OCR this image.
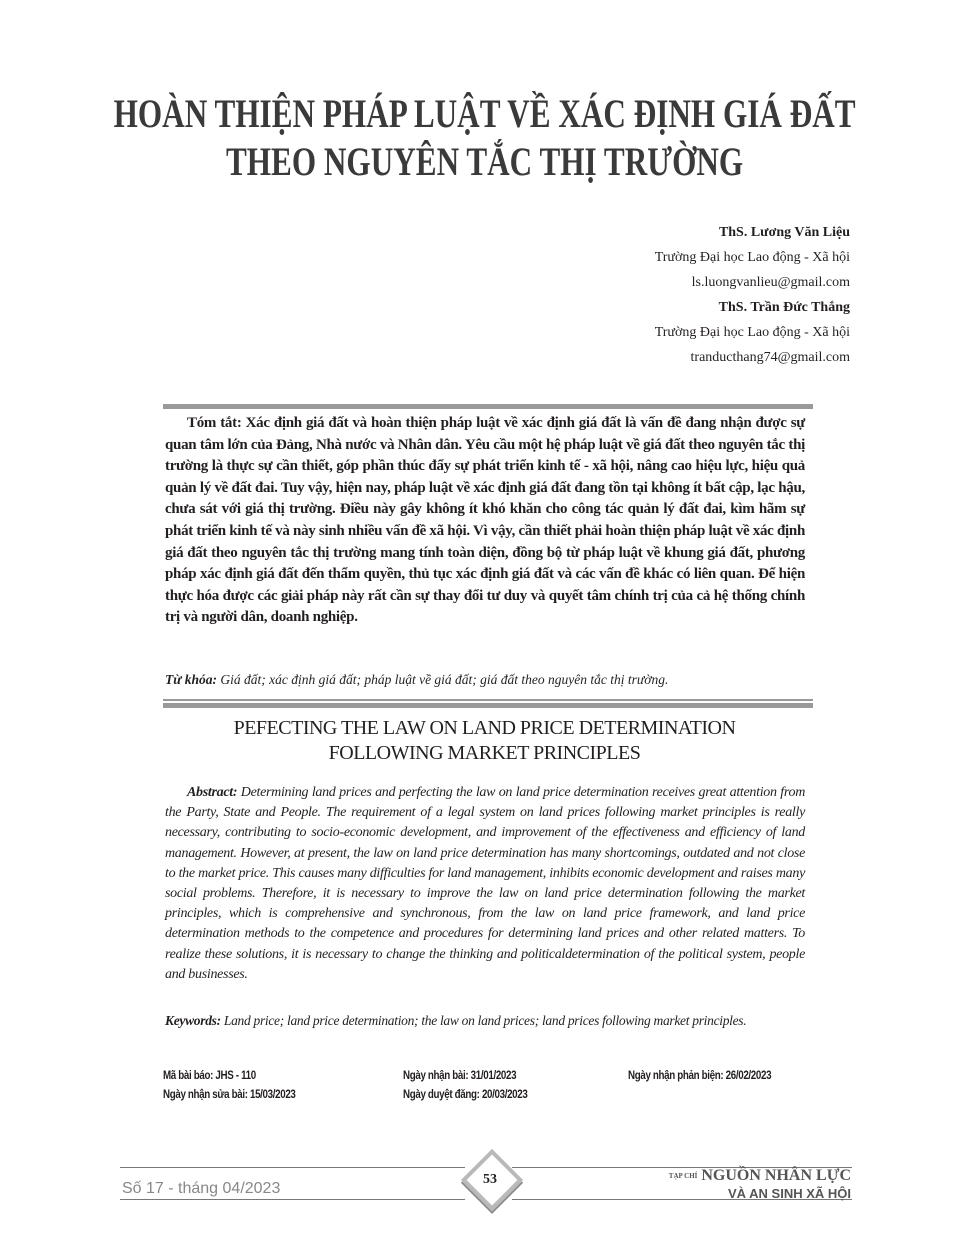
HOÀN THIỆN PHÁP LUẬT VỀ XÁC ĐỊNH GIÁ ĐẤT
THEO NGUYÊN TẮC THỊ TRƯỜNG
ThS. Lương Văn Liệu
Trường Đại học Lao động - Xã hội
ls.luongvanlieu@gmail.com
ThS. Trần Đức Thắng
Trường Đại học Lao động - Xã hội
tranducthang74@gmail.com
Tóm tắt: Xác định giá đất và hoàn thiện pháp luật về xác định giá đất là vấn đề đang nhận được sự quan tâm lớn của Đảng, Nhà nước và Nhân dân. Yêu cầu một hệ pháp luật về giá đất theo nguyên tắc thị trường là thực sự cần thiết, góp phần thúc đẩy sự phát triển kinh tế - xã hội, nâng cao hiệu lực, hiệu quả quản lý về đất đai. Tuy vậy, hiện nay, pháp luật về xác định giá đất đang tồn tại không ít bất cập, lạc hậu, chưa sát với giá thị trường. Điều này gây không ít khó khăn cho công tác quản lý đất đai, kìm hãm sự phát triển kinh tế và này sinh nhiều vấn đề xã hội. Vì vậy, cần thiết phải hoàn thiện pháp luật về xác định giá đất theo nguyên tắc thị trường mang tính toàn diện, đồng bộ từ pháp luật về khung giá đất, phương pháp xác định giá đất đến thẩm quyền, thủ tục xác định giá đất và các vấn đề khác có liên quan. Để hiện thực hóa được các giải pháp này rất cần sự thay đổi tư duy và quyết tâm chính trị của cả hệ thống chính trị và người dân, doanh nghiệp.
Từ khóa: Giá đất; xác định giá đất; pháp luật về giá đất; giá đất theo nguyên tắc thị trường.
PEFECTING THE LAW ON LAND PRICE DETERMINATION
FOLLOWING MARKET PRINCIPLES
Abstract: Determining land prices and perfecting the law on land price determination receives great attention from the Party, State and People. The requirement of a legal system on land prices following market principles is really necessary, contributing to socio-economic development, and improvement of the effectiveness and efficiency of land management. However, at present, the law on land price determination has many shortcomings, outdated and not close to the market price. This causes many difficulties for land management, inhibits economic development and raises many social problems. Therefore, it is necessary to improve the law on land price determination following the market principles, which is comprehensive and synchronous, from the law on land price framework, and land price determination methods to the competence and procedures for determining land prices and other related matters. To realize these solutions, it is necessary to change the thinking and politicaldetermination of the political system, people and businesses.
Keywords: Land price; land price determination; the law on land prices; land prices following market principles.
Mã bài báo: JHS - 110
Ngày nhận sửa bài: 15/03/2023
Ngày nhận bài: 31/01/2023
Ngày duyệt đăng: 20/03/2023
Ngày nhận phản biện: 26/02/2023
Số 17 - tháng 04/2023
53	$^{TẠP CHÍ}$ NGUỒN NHÂN LỰC
VÀ AN SINH XÃ HỘI
